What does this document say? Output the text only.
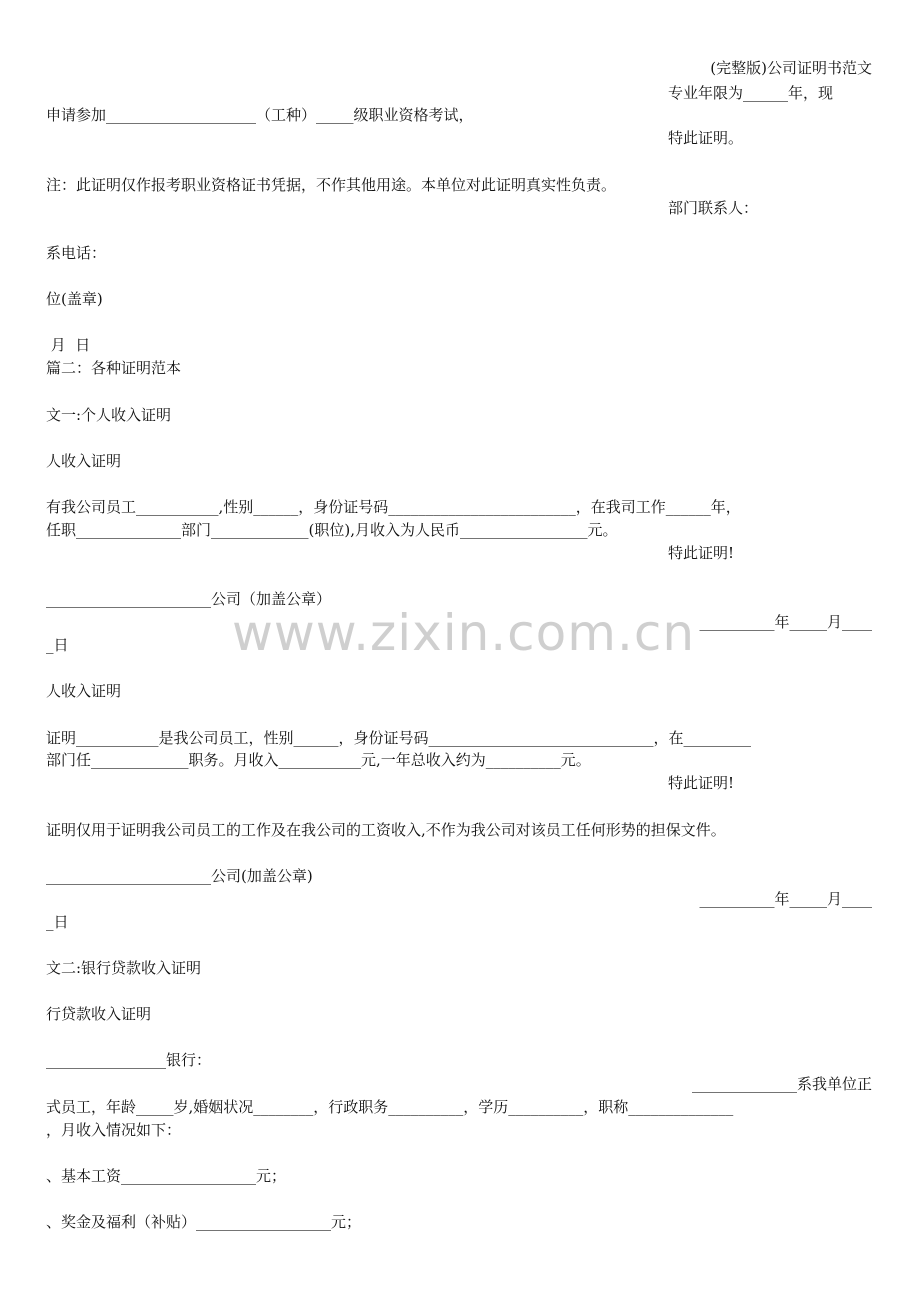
(完整版)公司证明书范文
专业年限为______年，现
申请参加____________________（工种）_____级职业资格考试，
特此证明。
注：此证明仅作报考职业资格证书凭据，不作其他用途。本单位对此证明真实性负责。
部门联系人：
系电话：
位(盖章)
月  日
篇二：各种证明范本
文一:个人收入证明
人收入证明
有我公司员工___________,性别______，身份证号码_________________________，在我司工作______年，
任职______________部门_____________(职位),月收入为人民币_________________元。
特此证明!
______________________公司（加盖公章）
__________年_____月____
_日
人收入证明
证明___________是我公司员工，性别______，身份证号码______________________________，在_________
部门任_____________职务。月收入___________元,一年总收入约为__________元。
特此证明!
证明仅用于证明我公司员工的工作及在我公司的工资收入,不作为我公司对该员工任何形势的担保文件。
______________________公司(加盖公章)
__________年_____月____
_日
文二:银行贷款收入证明
行贷款收入证明
________________银行：
______________系我单位正
式员工，年龄_____岁,婚姻状况________，行政职务__________，学历__________，职称______________
，月收入情况如下：
、基本工资__________________元；
、奖金及福利（补贴）__________________元；
www.zixin.com.cn
